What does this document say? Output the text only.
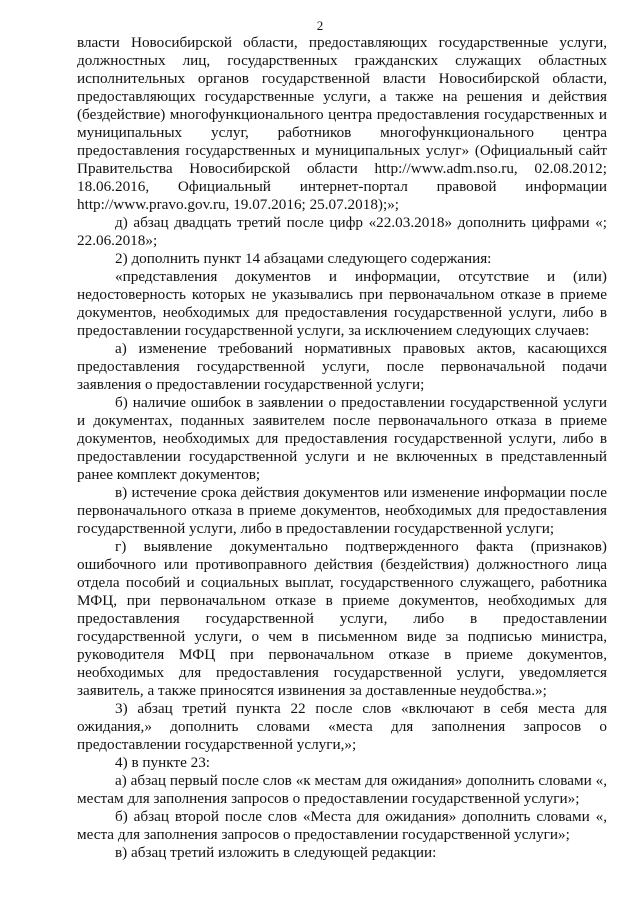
2

власти Новосибирской области, предоставляющих государственные услуги, должностных лиц, государственных гражданских служащих областных исполнительных органов государственной власти Новосибирской области, предоставляющих государственные услуги, а также на решения и действия (бездействие) многофункционального центра предоставления государственных и муниципальных услуг, работников многофункционального центра предоставления государственных и муниципальных услуг» (Официальный сайт Правительства Новосибирской области http://www.adm.nso.ru, 02.08.2012; 18.06.2016, Официальный интернет-портал правовой информации http://www.pravo.gov.ru, 19.07.2016; 25.07.2018);»;

д) абзац двадцать третий после цифр «22.03.2018» дополнить цифрами «; 22.06.2018»;

2) дополнить пункт 14 абзацами следующего содержания:

«представления документов и информации, отсутствие и (или) недостоверность которых не указывались при первоначальном отказе в приеме документов, необходимых для предоставления государственной услуги, либо в предоставлении государственной услуги, за исключением следующих случаев:

а) изменение требований нормативных правовых актов, касающихся предоставления государственной услуги, после первоначальной подачи заявления о предоставлении государственной услуги;

б) наличие ошибок в заявлении о предоставлении государственной услуги и документах, поданных заявителем после первоначального отказа в приеме документов, необходимых для предоставления государственной услуги, либо в предоставлении государственной услуги и не включенных в представленный ранее комплект документов;

в) истечение срока действия документов или изменение информации после первоначального отказа в приеме документов, необходимых для предоставления государственной услуги, либо в предоставлении государственной услуги;

г) выявление документально подтвержденного факта (признаков) ошибочного или противоправного действия (бездействия) должностного лица отдела пособий и социальных выплат, государственного служащего, работника МФЦ, при первоначальном отказе в приеме документов, необходимых для предоставления государственной услуги, либо в предоставлении государственной услуги, о чем в письменном виде за подписью министра, руководителя МФЦ при первоначальном отказе в приеме документов, необходимых для предоставления государственной услуги, уведомляется заявитель, а также приносятся извинения за доставленные неудобства.»;

3) абзац третий пункта 22 после слов «включают в себя места для ожидания,» дополнить словами «места для заполнения запросов о предоставлении государственной услуги,»;

4) в пункте 23:

а) абзац первый после слов «к местам для ожидания» дополнить словами «, местам для заполнения запросов о предоставлении государственной услуги»;

б) абзац второй после слов «Места для ожидания» дополнить словами «, места для заполнения запросов о предоставлении государственной услуги»;

в) абзац третий изложить в следующей редакции:
